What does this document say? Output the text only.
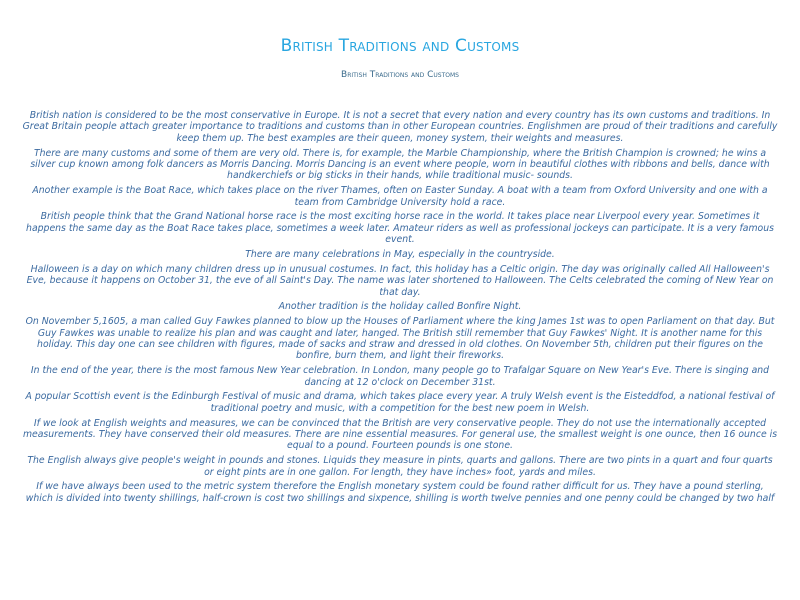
British Traditions and Customs
British Traditions and Customs

British nation is considered to be the most conservative in Europe. It is not a secret that every nation and every country has its own customs and traditions. In Great Britain people attach greater importance to traditions and customs than in other European countries. Englishmen are proud of their traditions and carefully keep them up. The best examples are their queen, money system, their weights and measures.

There are many customs and some of them are very old. There is, for example, the Marble Championship, where the British Champion is crowned; he wins a silver cup known among folk dancers as Morris Dancing. Morris Dancing is an event where people, worn in beautiful clothes with ribbons and bells, dance with handkerchiefs or big sticks in their hands, while traditional music- sounds.

Another example is the Boat Race, which takes place on the river Thames, often on Easter Sunday. A boat with a team from Oxford University and one with a team from Cambridge University hold a race.

British people think that the Grand National horse race is the most exciting horse race in the world. It takes place near Liverpool every year. Sometimes it happens the same day as the Boat Race takes place, sometimes a week later. Amateur riders as well as professional jockeys can participate. It is a very famous event.

There are many celebrations in May, especially in the countryside.

Halloween is a day on which many children dress up in unusual costumes. In fact, this holiday has a Celtic origin. The day was originally called All Halloween's Eve, because it happens on October 31, the eve of all Saint's Day. The name was later shortened to Halloween. The Celts celebrated the coming of New Year on that day.

Another tradition is the holiday called Bonfire Night.

On November 5,1605, a man called Guy Fawkes planned to blow up the Houses of Parliament where the king James 1st was to open Parliament on that day. But Guy Fawkes was unable to realize his plan and was caught and later, hanged. The British still remember that Guy Fawkes' Night. It is another name for this holiday. This day one can see children with figures, made of sacks and straw and dressed in old clothes. On November 5th, children put their figures on the bonfire, burn them, and light their fireworks.

In the end of the year, there is the most famous New Year celebration. In London, many people go to Trafalgar Square on New Year's Eve. There is singing and dancing at 12 o'clock on December 31st.

A popular Scottish event is the Edinburgh Festival of music and drama, which takes place every year. A truly Welsh event is the Eisteddfod, a national festival of traditional poetry and music, with a competition for the best new poem in Welsh.

If we look at English weights and measures, we can be convinced that the British are very conservative people. They do not use the internationally accepted measurements. They have conserved their old measures. There are nine essential measures. For general use, the smallest weight is one ounce, then 16 ounce is equal to a pound. Fourteen pounds is one stone.

The English always give people's weight in pounds and stones. Liquids they measure in pints, quarts and gallons. There are two pints in a quart and four quarts or eight pints are in one gallon. For length, they have inches» foot, yards and miles.

If we have always been used to the metric system therefore the English monetary system could be found rather difficult for us. They have a pound sterling, which is divided into twenty shillings, half-crown is cost two shillings and sixpence, shilling is worth twelve pennies and one penny could be changed by two half
